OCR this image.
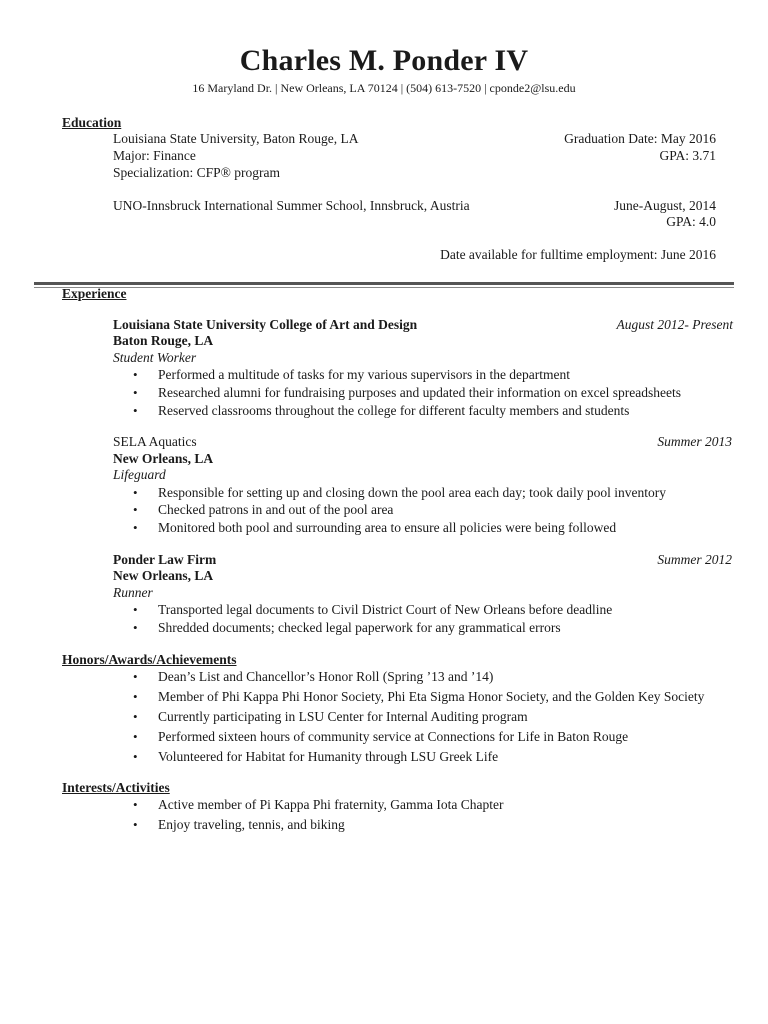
Charles M. Ponder IV
16 Maryland Dr. | New Orleans, LA 70124 | (504) 613-7520 | cponde2@lsu.edu
Education
Louisiana State University, Baton Rouge, LA	Graduation Date: May 2016
Major: Finance	GPA: 3.71
Specialization: CFP® program
UNO-Innsbruck International Summer School, Innsbruck, Austria	June-August, 2014
GPA: 4.0
Date available for fulltime employment: June 2016
Experience
Louisiana State University College of Art and Design	August 2012- Present
Baton Rouge, LA
Student Worker
• Performed a multitude of tasks for my various supervisors in the department
• Researched alumni for fundraising purposes and updated their information on excel spreadsheets
• Reserved classrooms throughout the college for different faculty members and students
SELA Aquatics	Summer 2013
New Orleans, LA
Lifeguard
• Responsible for setting up and closing down the pool area each day; took daily pool inventory
• Checked patrons in and out of the pool area
• Monitored both pool and surrounding area to ensure all policies were being followed
Ponder Law Firm	Summer 2012
New Orleans, LA
Runner
• Transported legal documents to Civil District Court of New Orleans before deadline
• Shredded documents; checked legal paperwork for any grammatical errors
Honors/Awards/Achievements
• Dean’s List and Chancellor’s Honor Roll (Spring ’13 and ’14)
• Member of Phi Kappa Phi Honor Society, Phi Eta Sigma Honor Society, and the Golden Key Society
• Currently participating in LSU Center for Internal Auditing program
• Performed sixteen hours of community service at Connections for Life in Baton Rouge
• Volunteered for Habitat for Humanity through LSU Greek Life
Interests/Activities
• Active member of Pi Kappa Phi fraternity, Gamma Iota Chapter
• Enjoy traveling, tennis, and biking
